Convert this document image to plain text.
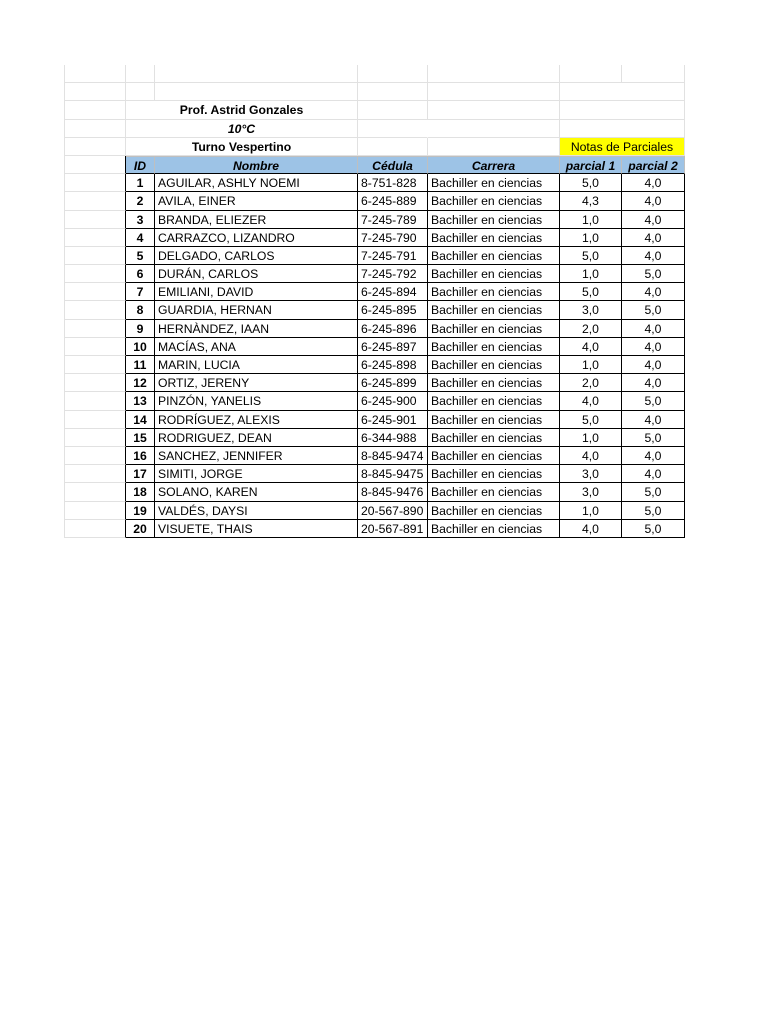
Prof. Astrid Gonzales
10°C
Turno Vespertino	Notas de Parciales
ID	Nombre	Cédula	Carrera	parcial 1	parcial 2
1	AGUILAR, ASHLY NOEMI	8-751-828	Bachiller en ciencias	5,0	4,0
2	AVILA, EINER	6-245-889	Bachiller en ciencias	4,3	4,0
3	BRANDA, ELIEZER	7-245-789	Bachiller en ciencias	1,0	4,0
4	CARRAZCO, LIZANDRO	7-245-790	Bachiller en ciencias	1,0	4,0
5	DELGADO, CARLOS	7-245-791	Bachiller en ciencias	5,0	4,0
6	DURÁN, CARLOS	7-245-792	Bachiller en ciencias	1,0	5,0
7	EMILIANI, DAVID	6-245-894	Bachiller en ciencias	5,0	4,0
8	GUARDIA, HERNAN	6-245-895	Bachiller en ciencias	3,0	5,0
9	HERNÀNDEZ, IAAN	6-245-896	Bachiller en ciencias	2,0	4,0
10 MACÍAS, ANA	6-245-897	Bachiller en ciencias	4,0	4,0
11 MARIN, LUCIA	6-245-898	Bachiller en ciencias	1,0	4,0
12 ORTIZ, JERENY	6-245-899	Bachiller en ciencias	2,0	4,0
13 PINZÓN, YANELIS	6-245-900	Bachiller en ciencias	4,0	5,0
14 RODRÍGUEZ, ALEXIS	6-245-901	Bachiller en ciencias	5,0	4,0
15 RODRIGUEZ, DEAN	6-344-988	Bachiller en ciencias	1,0	5,0
16 SANCHEZ, JENNIFER	8-845-9474 Bachiller en ciencias	4,0	4,0
17 SIMITI, JORGE	8-845-9475 Bachiller en ciencias	3,0	4,0
18 SOLANO, KAREN	8-845-9476 Bachiller en ciencias	3,0	5,0
19 VALDÉS, DAYSI	20-567-890 Bachiller en ciencias	1,0	5,0
20 VISUETE, THAIS	20-567-891 Bachiller en ciencias	4,0	5,0
